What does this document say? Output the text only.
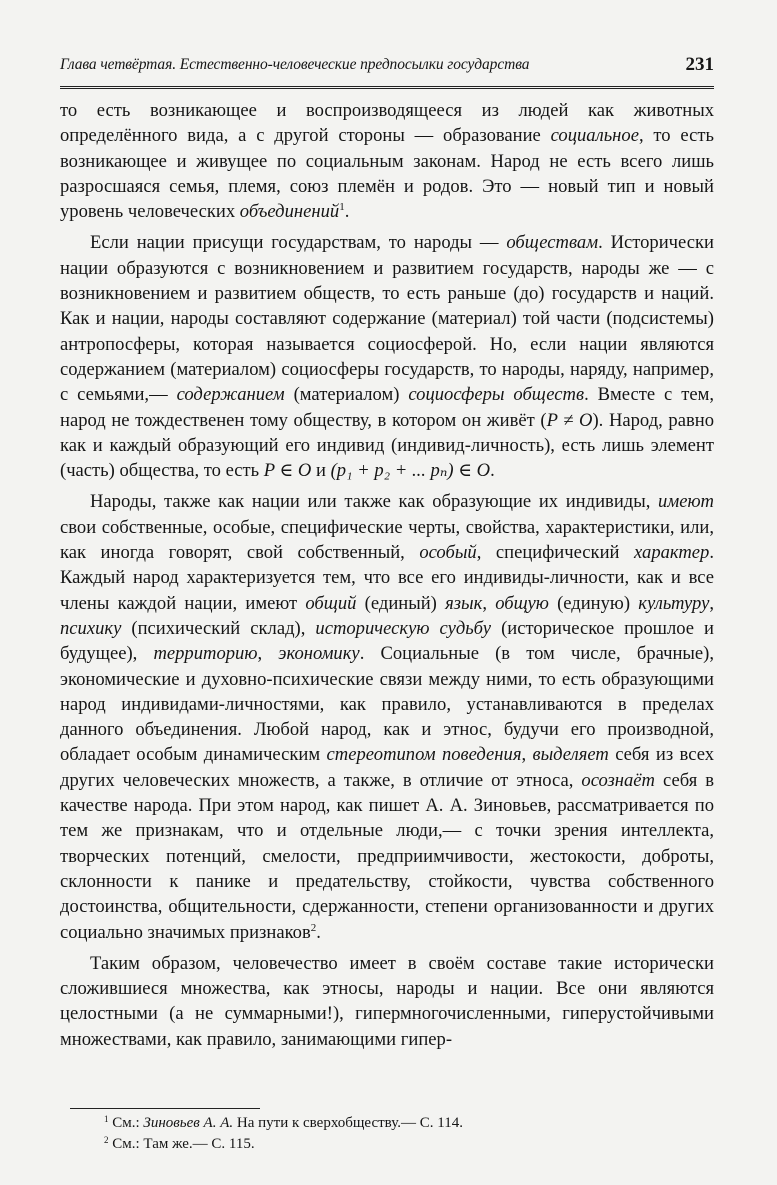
Глава четвёртая. Естественно-человеческие предпосылки государства	231

то есть возникающее и воспроизводящееся из людей как животных определённого вида, а с другой стороны — образование социальное, то есть возникающее и живущее по социальным законам. Народ не есть всего лишь разросшаяся семья, племя, союз племён и родов. Это — новый тип и новый уровень человеческих объединений$^1$.

Если нации присущи государствам, то народы — обществам. Исторически нации образуются с возникновением и развитием государств, народы же — с возникновением и развитием обществ, то есть раньше (до) государств и наций. Как и нации, народы составляют содержание (материал) той части (подсистемы) антропосферы, которая называется социосферой. Но, если нации являются содержанием (материалом) социосферы государств, то народы, наряду, например, с семьями,— содержанием (материалом) социосферы обществ. Вместе с тем, народ не тождественен тому обществу, в котором он живёт (P ≠ O). Народ, равно как и каждый образующий его индивид (индивид-личность), есть лишь элемент (часть) общества, то есть P ∈ O и (p₁ + p₂ + ... pₙ) ∈ O.

Народы, также как нации или также как образующие их индивиды, имеют свои собственные, особые, специфические черты, свойства, характеристики, или, как иногда говорят, свой собственный, особый, специфический характер. Каждый народ характеризуется тем, что все его индивиды-личности, как и все члены каждой нации, имеют общий (единый) язык, общую (единую) культуру, психику (психический склад), историческую судьбу (историческое прошлое и будущее), территорию, экономику. Социальные (в том числе, брачные), экономические и духовно-психические связи между ними, то есть образующими народ индивидами-личностями, как правило, устанавливаются в пределах данного объединения. Любой народ, как и этнос, будучи его производной, обладает особым динамическим стереотипом поведения, выделяет себя из всех других человеческих множеств, а также, в отличие от этноса, осознаёт себя в качестве народа. При этом народ, как пишет А. А. Зиновьев, рассматривается по тем же признакам, что и отдельные люди,— с точки зрения интеллекта, творческих потенций, смелости, предприимчивости, жестокости, доброты, склонности к панике и предательству, стойкости, чувства собственного достоинства, общительности, сдержанности, степени организованности и других социально значимых признаков$^2$.

Таким образом, человечество имеет в своём составе такие исторически сложившиеся множества, как этносы, народы и нации. Все они являются целостными (а не суммарными!), гипермногочисленными, гиперустойчивыми множествами, как правило, занимающими гипер-

$^1$ См.: Зиновьев А. А. На пути к сверхобществу.— С. 114.
$^2$ См.: Там же.— С. 115.
